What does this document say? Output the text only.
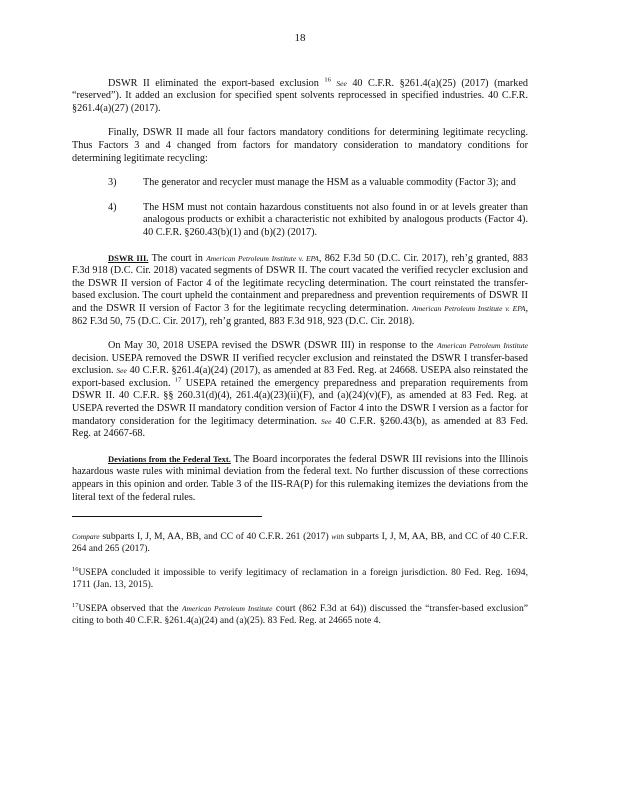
18

DSWR II eliminated the export-based exclusion $^{16}$ See 40 C.F.R. §261.4(a)(25) (2017) (marked “reserved”). It added an exclusion for specified spent solvents reprocessed in specified industries. 40 C.F.R. §261.4(a)(27) (2017).

Finally, DSWR II made all four factors mandatory conditions for determining legitimate recycling. Thus Factors 3 and 4 changed from factors for mandatory consideration to mandatory conditions for determining legitimate recycling:

3)	The generator and recycler must manage the HSM as a valuable commodity (Factor 3); and
4)	The HSM must not contain hazardous constituents not also found in or at levels greater than analogous products or exhibit a characteristic not exhibited by analogous products (Factor 4). 40 C.F.R. §260.43(b)(1) and (b)(2) (2017).

DSWR III. The court in American Petroleum Institute v. EPA, 862 F.3d 50 (D.C. Cir. 2017), reh’g granted, 883 F.3d 918 (D.C. Cir. 2018) vacated segments of DSWR II. The court vacated the verified recycler exclusion and the DSWR II version of Factor 4 of the legitimate recycling determination. The court reinstated the transfer-based exclusion. The court upheld the containment and preparedness and prevention requirements of DSWR II and the DSWR II version of Factor 3 for the legitimate recycling determination. American Petroleum Institute v. EPA, 862 F.3d 50, 75 (D.C. Cir. 2017), reh’g granted, 883 F.3d 918, 923 (D.C. Cir. 2018).

On May 30, 2018 USEPA revised the DSWR (DSWR III) in response to the American Petroleum Institute decision. USEPA removed the DSWR II verified recycler exclusion and reinstated the DSWR I transfer-based exclusion. See 40 C.F.R. §261.4(a)(24) (2017), as amended at 83 Fed. Reg. at 24668. USEPA also reinstated the export-based exclusion. $^{17}$ USEPA retained the emergency preparedness and preparation requirements from DSWR II. 40 C.F.R. §§ 260.31(d)(4), 261.4(a)(23)(ii)(F), and (a)(24)(v)(F), as amended at 83 Fed. Reg. at USEPA reverted the DSWR II mandatory condition version of Factor 4 into the DSWR I version as a factor for mandatory consideration for the legitimacy determination. See 40 C.F.R. §260.43(b), as amended at 83 Fed. Reg. at 24667-68.

Deviations from the Federal Text. The Board incorporates the federal DSWR III revisions into the Illinois hazardous waste rules with minimal deviation from the federal text. No further discussion of these corrections appears in this opinion and order. Table 3 of the IIS-RA(P) for this rulemaking itemizes the deviations from the literal text of the federal rules.

Compare subparts I, J, M, AA, BB, and CC of 40 C.F.R. 261 (2017) with subparts I, J, M, AA, BB, and CC of 40 C.F.R. 264 and 265 (2017).
$^{16}$USEPA concluded it impossible to verify legitimacy of reclamation in a foreign jurisdiction. 80 Fed. Reg. 1694, 1711 (Jan. 13, 2015).
$^{17}$USEPA observed that the American Petroleum Institute court (862 F.3d at 64)) discussed the “transfer-based exclusion” citing to both 40 C.F.R. §261.4(a)(24) and (a)(25). 83 Fed. Reg. at 24665 note 4.
